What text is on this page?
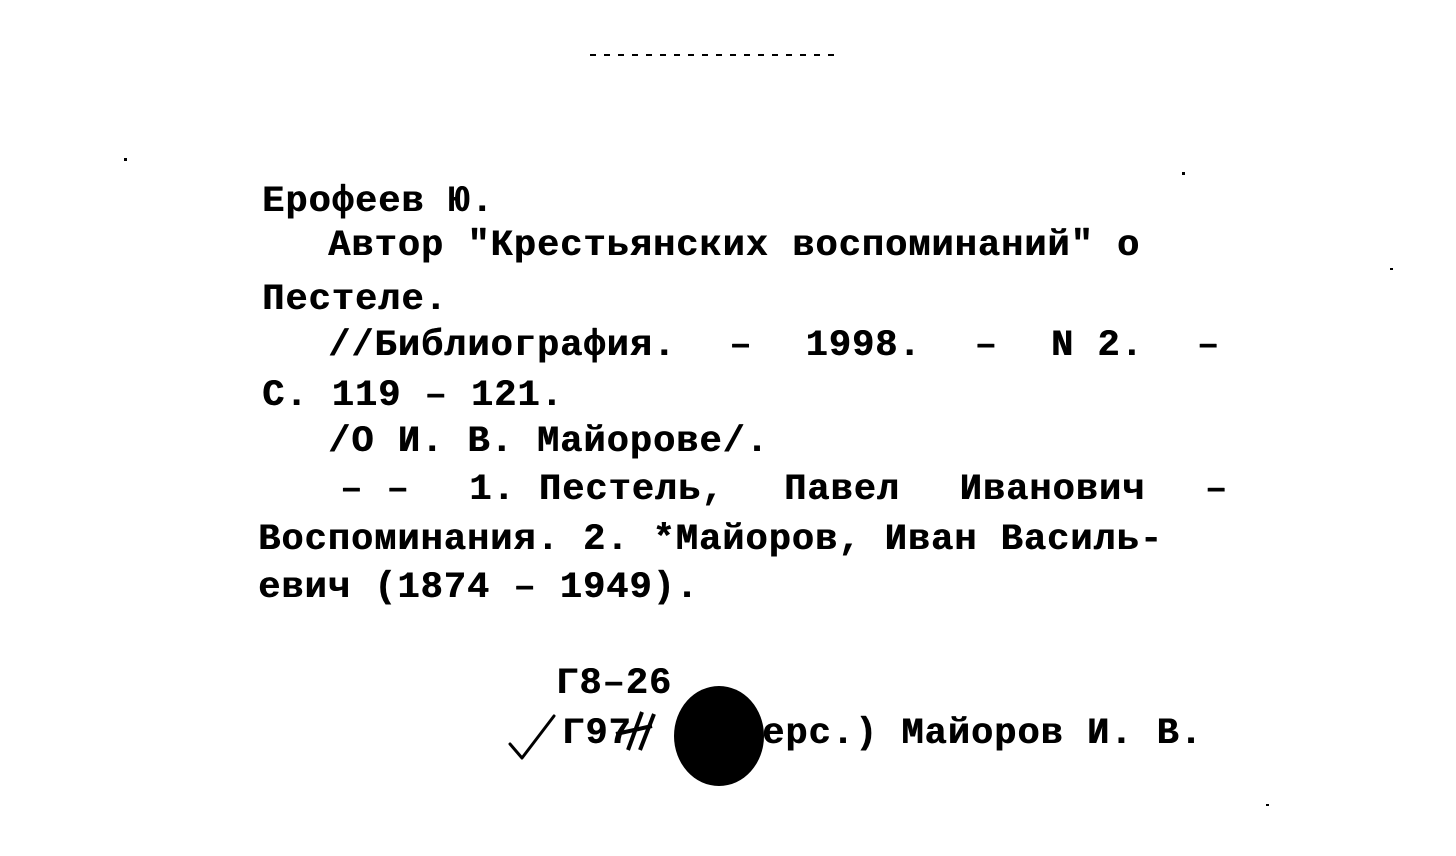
Ерофеев Ю.
Автор "Крестьянских воспоминаний" о
Пестеле.
//Библиография. – 1998. – N 2. –
С. 119 – 121.
/О И. В. Майорове/.
– – 1. Пестель, Павел Иванович –
Воспоминания. 2. *Майоров, Иван Василь-
евич (1874 – 1949).
Г8–26
Г97	ерс.) Майоров И. В.
